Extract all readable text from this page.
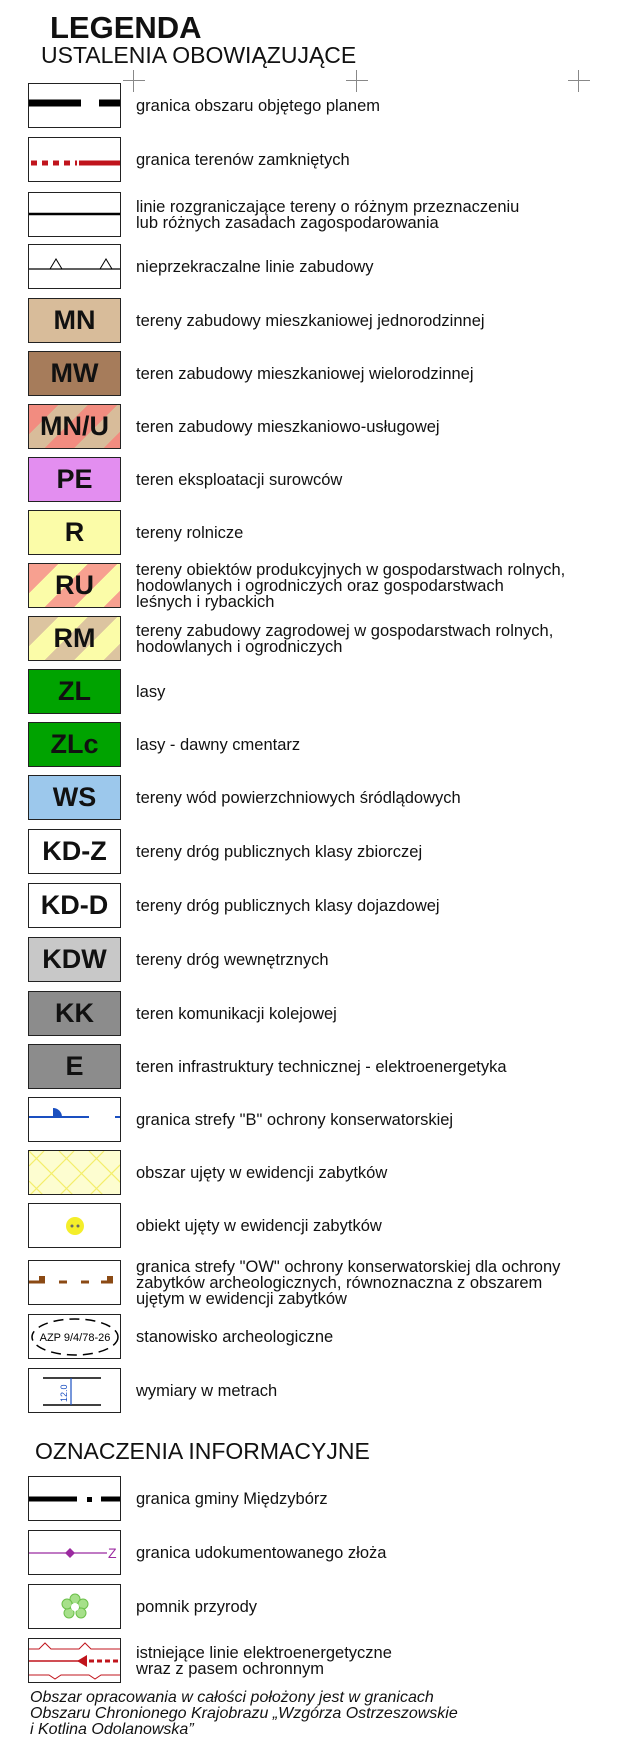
LEGENDA
USTALENIA OBOWIĄZUJĄCE
granica obszaru objętego planem
granica terenów zamkniętych
linie rozgraniczające tereny o różnym przeznaczeniu
lub różnych zasadach zagospodarowania
nieprzekraczalne linie zabudowy
MN	tereny zabudowy mieszkaniowej jednorodzinnej
MW	teren zabudowy mieszkaniowej wielorodzinnej
MN/U	teren zabudowy mieszkaniowo-usługowej
PE	teren eksploatacji surowców
R	tereny rolnicze
RU
tereny obiektów produkcyjnych w gospodarstwach rolnych,
hodowlanych i ogrodniczych oraz gospodarstwach
leśnych i rybackich
RM	tereny zabudowy zagrodowej w gospodarstwach rolnych,
hodowlanych i ogrodniczych
ZL	lasy
ZLc	lasy - dawny cmentarz
WS	tereny wód powierzchniowych śródlądowych
KD-Z	tereny dróg publicznych klasy zbiorczej
KD-D	tereny dróg publicznych klasy dojazdowej
KDW	tereny dróg wewnętrznych
KK	teren komunikacji kolejowej
E	teren infrastruktury technicznej - elektroenergetyka
granica strefy "B" ochrony konserwatorskiej
obszar ujęty w ewidencji zabytków
obiekt ujęty w ewidencji zabytków
granica strefy "OW" ochrony konserwatorskiej dla ochrony
zabytków archeologicznych, równoznaczna z obszarem
ujętym w ewidencji zabytków
AZP 9/4/78-26 stanowisko archeologiczne
12.0	wymiary w metrach
OZNACZENIA INFORMACYJNE
granica gminy Międzybórz
Z granica udokumentowanego złoża
pomnik przyrody
istniejące linie elektroenergetyczne
wraz z pasem ochronnym
Obszar opracowania w całości położony jest w granicach
Obszaru Chronionego Krajobrazu „Wzgórza Ostrzeszowskie
i Kotlina Odolanowska”
